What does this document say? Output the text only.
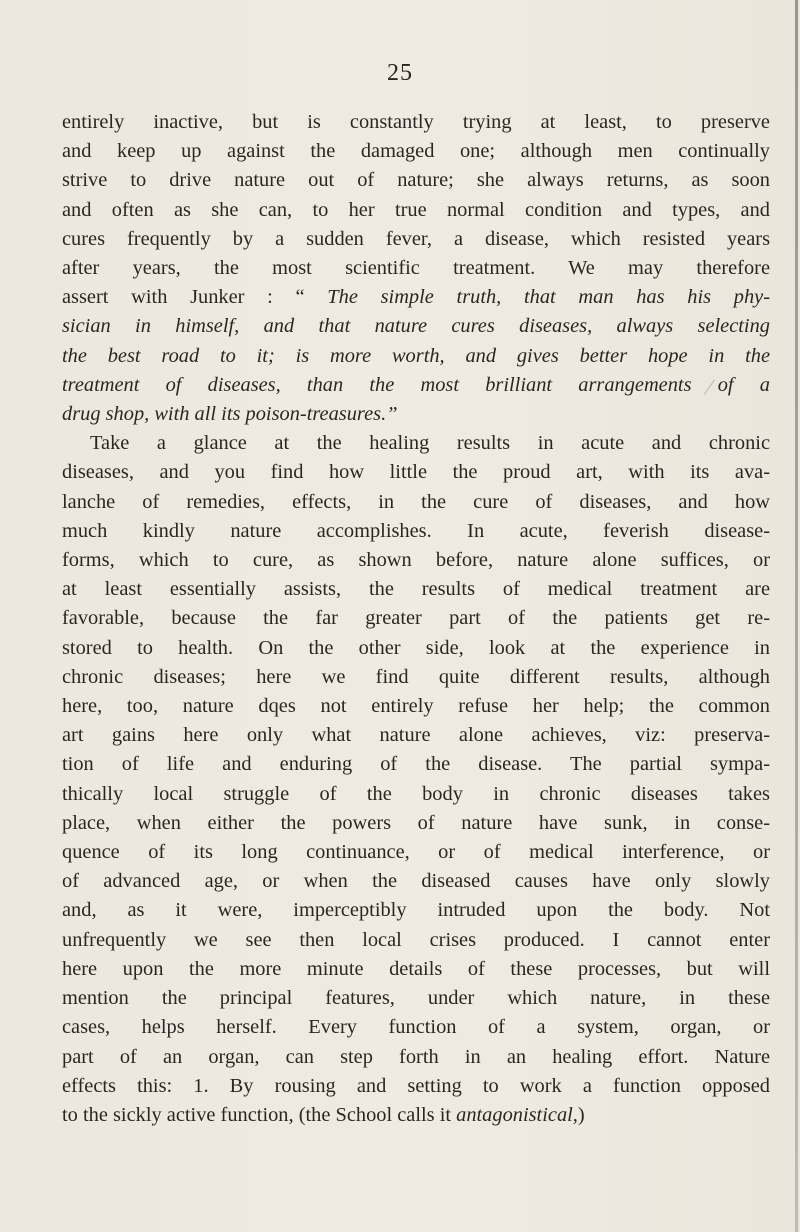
25
entirely inactive, but is constantly trying at least, to preserve
and keep up against the damaged one; although men continually
strive to drive nature out of nature; she always returns, as soon
and often as she can, to her true normal condition and types, and
cures frequently by a sudden fever, a disease, which resisted years
after years, the most scientific treatment. We may therefore
assert with Junker : “ The simple truth, that man has his phy-
sician in himself, and that nature cures diseases, always selecting
the best road to it; is more worth, and gives better hope in the
treatment of diseases, than the most brilliant arrangements of a
drug shop, with all its poison-treasures.”
Take a glance at the healing results in acute and chronic
diseases, and you find how little the proud art, with its ava-
lanche of remedies, effects, in the cure of diseases, and how
much kindly nature accomplishes. In acute, feverish disease-
forms, which to cure, as shown before, nature alone suffices, or
at least essentially assists, the results of medical treatment are
favorable, because the far greater part of the patients get re-
stored to health. On the other side, look at the experience in
chronic diseases; here we find quite different results, although
here, too, nature dqes not entirely refuse her help; the common
art gains here only what nature alone achieves, viz: preserva-
tion of life and enduring of the disease. The partial sympa-
thically local struggle of the body in chronic diseases takes
place, when either the powers of nature have sunk, in conse-
quence of its long continuance, or of medical interference, or
of advanced age, or when the diseased causes have only slowly
and, as it were, imperceptibly intruded upon the body. Not
unfrequently we see then local crises produced. I cannot enter
here upon the more minute details of these processes, but will
mention the principal features, under which nature, in these
cases, helps herself. Every function of a system, organ, or
part of an organ, can step forth in an healing effort. Nature
effects this: 1. By rousing and setting to work a function opposed
to the sickly active function, (the School calls it antagonistical,)
